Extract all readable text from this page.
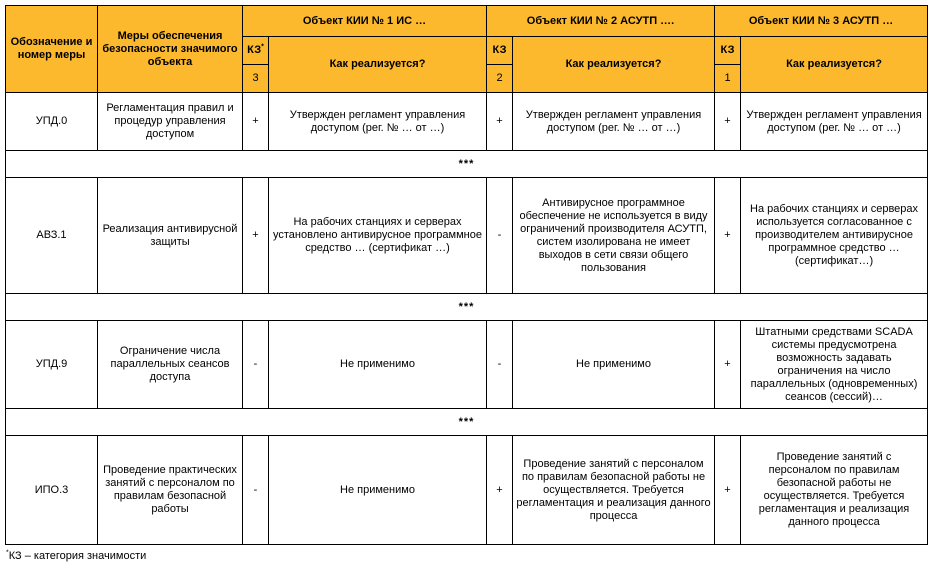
Обозначение и номер меры	Меры обеспечения безопасности значимого объекта	Объект КИИ № 1 ИС …		Объект КИИ № 2 АСУТП ….		Объект КИИ № 3 АСУТП …	
		КЗ*	Как реализуется?	КЗ	Как реализуется?	КЗ	Как реализуется?
		3		2		1	
УПД.0	Регламентация правил и процедур управления доступом	+	Утвержден регламент управления доступом (рег. № … от …)	+	Утвержден регламент управления доступом (рег. № … от …)	+	Утвержден регламент управления доступом (рег. № … от …)
***							
АВЗ.1	Реализация антивирусной защиты	+	На рабочих станциях и серверах установлено антивирусное программное средство … (сертификат …)	-	Антивирусное программное обеспечение не используется в виду ограничений производителя АСУТП, систем изолирована не имеет выходов в сети связи общего пользования	+	На рабочих станциях и серверах используется согласованное с производителем антивирусное программное средство … (сертификат…)
***							
УПД.9	Ограничение числа параллельных сеансов доступа	-	Не применимо	-	Не применимо	+	Штатными средствами SCADA системы предусмотрена возможность задавать ограничения на число параллельных (одновременных) сеансов (сессий)…
***							
ИПО.3	Проведение практических занятий с персоналом по правилам безопасной работы	-	Не применимо	+	Проведение занятий с персоналом по правилам безопасной работы не осуществляется. Требуется регламентация и реализация данного процесса	+	Проведение занятий с персоналом по правилам безопасной работы не осуществляется. Требуется регламентация и реализация данного процесса
*КЗ – категория значимости
